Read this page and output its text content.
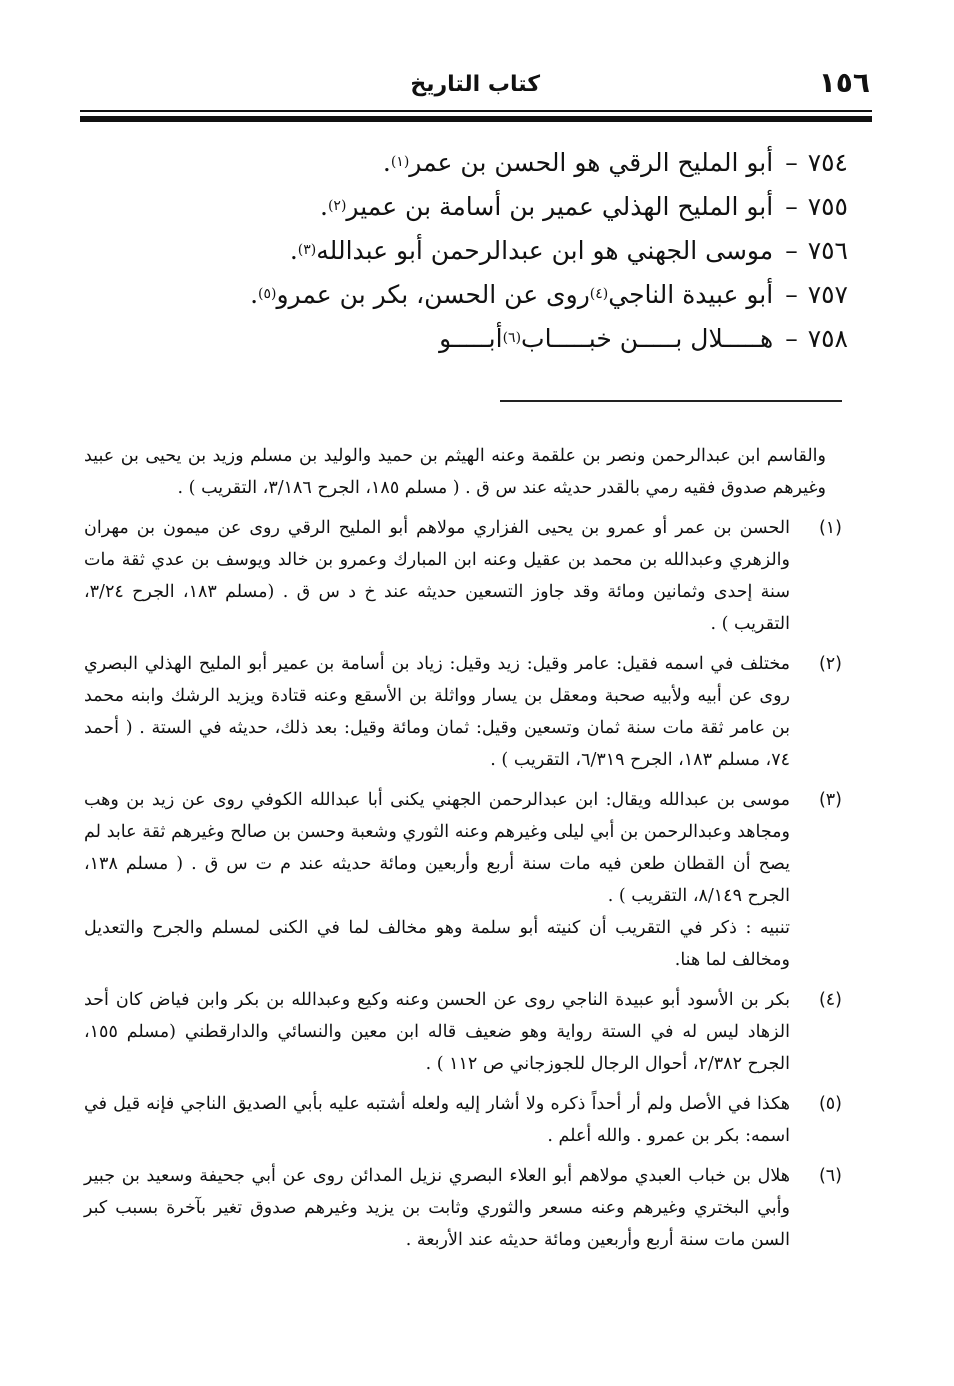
١٥٦
كتاب التاريخ
٧٥٤
–
أبو المليح الرقي هو الحسن بن عمر
(١)
.
٧٥٥
–
أبو المليح الهذلي عمير بن أسامة بن عمير
(٢)
.
٧٥٦
–
موسى الجهني هو ابن عبدالرحمن أبو عبدالله
(٣)
.
٧٥٧
–
أبو عبيدة الناجي
(٤)
روى عن الحسن، بكر بن عمرو
(٥)
.
٧٥٨
–
هـــــلال بـــــن خبـــــاب
(٦)
أبـــــو

والقاسم ابن عبدالرحمن ونصر بن علقمة وعنه الهيثم بن حميد والوليد بن مسلم وزيد بن يحيى بن عبيد وغيرهم صدوق فقيه رمي بالقدر حديثه عند س ق . ( مسلم ١٨٥، الجرح ٣/١٨٦، التقريب ) .

(١)

الحسن بن عمر أو عمرو بن يحيى الفزاري مولاهم أبو المليح الرقي روى عن ميمون بن مهران والزهري وعبدالله بن محمد بن عقيل وعنه ابن المبارك وعمرو بن خالد ويوسف بن عدي ثقة مات سنة إحدى وثمانين ومائة وقد جاوز التسعين حديثه عند خ د س ق . (مسلم ١٨٣، الجرح ٣/٢٤، التقريب ) .

(٢)

مختلف في اسمه فقيل: عامر وقيل: زيد وقيل: زياد بن أسامة بن عمير أبو المليح الهذلي البصري روى عن أبيه ولأبيه صحبة ومعقل بن يسار وواثلة بن الأسقع وعنه قتادة ويزيد الرشك وابنه محمد بن عامر ثقة مات سنة ثمان وتسعين وقيل: ثمان ومائة وقيل: بعد ذلك، حديثه في الستة . ( أحمد ٧٤، مسلم ١٨٣، الجرح ٦/٣١٩، التقريب ) .

(٣)

موسى بن عبدالله ويقال: ابن عبدالرحمن الجهني يكنى أبا عبدالله الكوفي روى عن زيد بن وهب ومجاهد وعبدالرحمن بن أبي ليلى وغيرهم وعنه الثوري وشعبة وحسن بن صالح وغيرهم ثقة عابد لم يصح أن القطان طعن فيه مات سنة أربع وأربعين ومائة حديثه عند م ت س ق . ( مسلم ١٣٨، الجرح ٨/١٤٩، التقريب ) .

تنبيه : ذكر في التقريب أن كنيته أبو سلمة وهو مخالف لما في الكنى لمسلم والجرح والتعديل ومخالف لما هنا.

(٤)

بكر بن الأسود أبو عبيدة الناجي روى عن الحسن وعنه وكيع وعبدالله بن بكر وابن فياض كان أحد الزهاد ليس له في الستة رواية وهو ضعيف قاله ابن معين والنسائي والدارقطني (مسلم ١٥٥، الجرح ٢/٣٨٢، أحوال الرجال للجوزجاني ص ١١٢ ) .

(٥)

هكذا في الأصل ولم أر أحداً ذكره ولا أشار إليه ولعله أشتبه عليه بأبي الصديق الناجي فإنه قيل في اسمه: بكر بن عمرو . والله أعلم .

(٦)

هلال بن خباب العبدي مولاهم أبو العلاء البصري نزيل المدائن روى عن أبي جحيفة وسعيد بن جبير وأبي البختري وغيرهم وعنه مسعر والثوري وثابت بن يزيد وغيرهم صدوق تغير بآخرة بسبب كبر السن مات سنة أربع وأربعين ومائة حديثه عند الأربعة .
